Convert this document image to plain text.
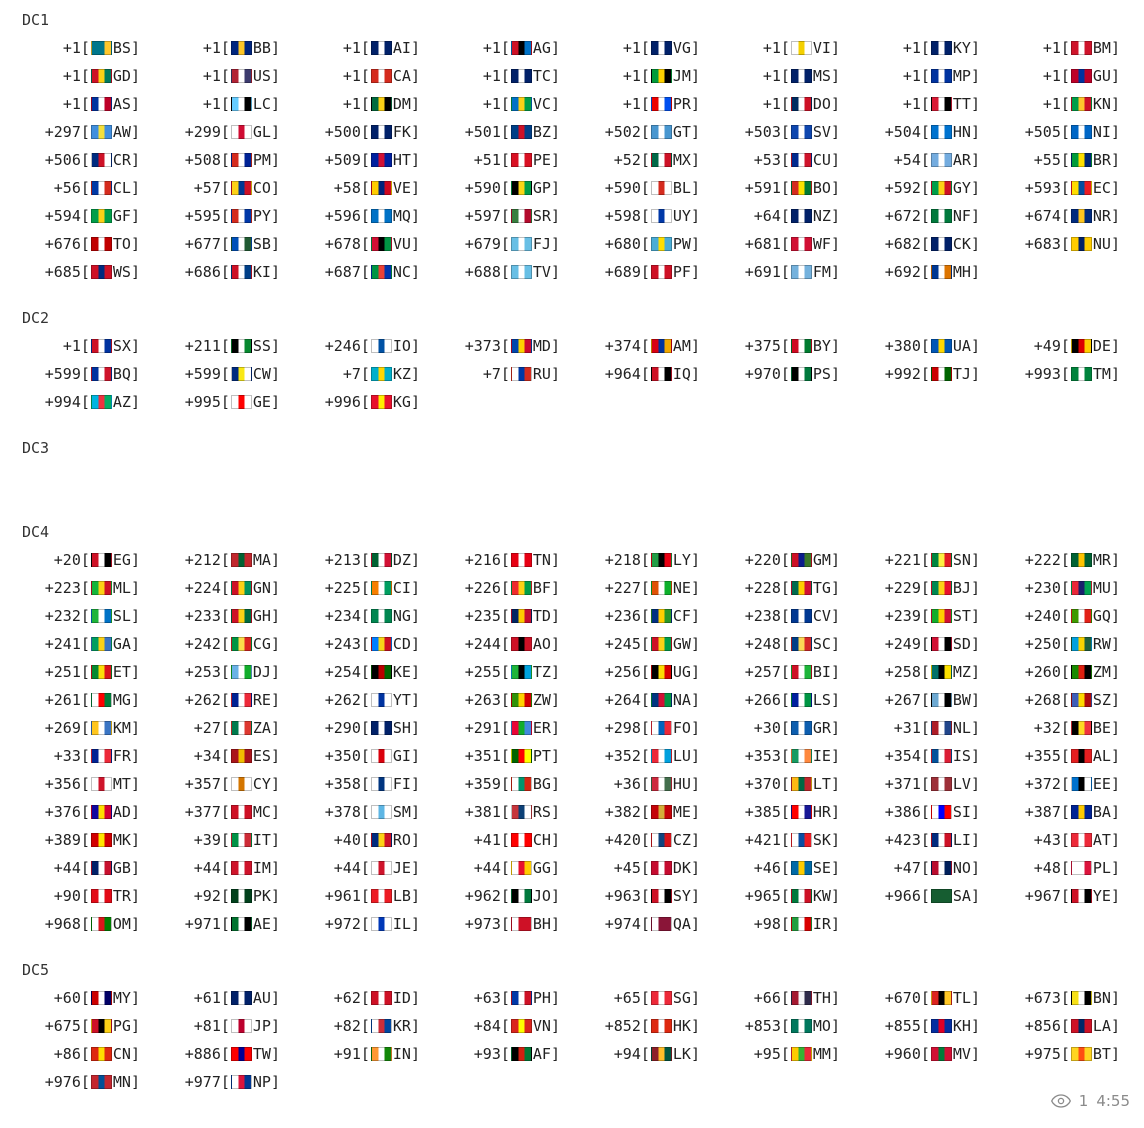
DC1
+1[ BS]	+1[ BB]	+1[ AI]	+1[ AG]	+1[ VG]	+1[ VI]	+1[ KY]	+1[ BM]
+1[ GD]	+1[ US]	+1[ CA]	+1[ TC]	+1[ JM]	+1[ MS]	+1[ MP]	+1[ GU]
+1[ AS]	+1[ LC]	+1[ DM]	+1[ VC]	+1[ PR]	+1[ DO]	+1[ TT]	+1[ KN]
+297[ AW]	+299[ GL]	+500[ FK]	+501[ BZ]	+502[ GT]	+503[ SV]	+504[ HN]	+505[ NI]
+506[ CR]	+508[ PM]	+509[ HT]	+51[ PE]	+52[ MX]	+53[ CU]	+54[ AR]	+55[ BR]
+56[ CL]	+57[ CO]	+58[ VE]	+590[ GP]	+590[ BL]	+591[ BO]	+592[ GY]	+593[ EC]
+594[ GF]	+595[ PY]	+596[ MQ]	+597[ SR]	+598[ UY]	+64[ NZ]	+672[ NF]	+674[ NR]
+676[ TO]	+677[ SB]	+678[ VU]	+679[ FJ]	+680[ PW]	+681[ WF]	+682[ CK]	+683[ NU]
+685[ WS]	+686[ KI]	+687[ NC]	+688[ TV]	+689[ PF]	+691[ FM]	+692[ MH]
DC2
+1[ SX]	+211[ SS]	+246[ IO]	+373[ MD]	+374[ AM]	+375[ BY]	+380[ UA]	+49[ DE]
+599[ BQ]	+599[ CW]	+7[ KZ]	+7[ RU]	+964[ IQ]	+970[ PS]	+992[ TJ]	+993[ TM]
+994[ AZ]	+995[ GE]	+996[ KG]
DC3
DC4
+20[ EG]	+212[ MA]	+213[ DZ]	+216[ TN]	+218[ LY]	+220[ GM]	+221[ SN]	+222[ MR]
+223[ ML]	+224[ GN]	+225[ CI]	+226[ BF]	+227[ NE]	+228[ TG]	+229[ BJ]	+230[ MU]
+232[ SL]	+233[ GH]	+234[ NG]	+235[ TD]	+236[ CF]	+238[ CV]	+239[ ST]	+240[ GQ]
+241[ GA]	+242[ CG]	+243[ CD]	+244[ AO]	+245[ GW]	+248[ SC]	+249[ SD]	+250[ RW]
+251[ ET]	+253[ DJ]	+254[ KE]	+255[ TZ]	+256[ UG]	+257[ BI]	+258[ MZ]	+260[ ZM]
+261[ MG]	+262[ RE]	+262[ YT]	+263[ ZW]	+264[ NA]	+266[ LS]	+267[ BW]	+268[ SZ]
+269[ KM]	+27[ ZA]	+290[ SH]	+291[ ER]	+298[ FO]	+30[ GR]	+31[ NL]	+32[ BE]
+33[ FR]	+34[ ES]	+350[ GI]	+351[ PT]	+352[ LU]	+353[ IE]	+354[ IS]	+355[ AL]
+356[ MT]	+357[ CY]	+358[ FI]	+359[ BG]	+36[ HU]	+370[ LT]	+371[ LV]	+372[ EE]
+376[ AD]	+377[ MC]	+378[ SM]	+381[ RS]	+382[ ME]	+385[ HR]	+386[ SI]	+387[ BA]
+389[ MK]	+39[ IT]	+40[ RO]	+41[ CH]	+420[ CZ]	+421[ SK]	+423[ LI]	+43[ AT]
+44[ GB]	+44[ IM]	+44[ JE]	+44[ GG]	+45[ DK]	+46[ SE]	+47[ NO]	+48[ PL]
+90[ TR]	+92[ PK]	+961[ LB]	+962[ JO]	+963[ SY]	+965[ KW]	+966[ SA]	+967[ YE]
+968[ OM]	+971[ AE]	+972[ IL]	+973[ BH]	+974[ QA]	+98[ IR]
DC5
+60[ MY]	+61[ AU]	+62[ ID]	+63[ PH]	+65[ SG]	+66[ TH]	+670[ TL]	+673[ BN]
+675[ PG]	+81[ JP]	+82[ KR]	+84[ VN]	+852[ HK]	+853[ MO]	+855[ KH]	+856[ LA]
+86[ CN]	+886[ TW]	+91[ IN]	+93[ AF]	+94[ LK]	+95[ MM]	+960[ MV]	+975[ BT]
+976[ MN]	+977[ NP]
1 4:55
